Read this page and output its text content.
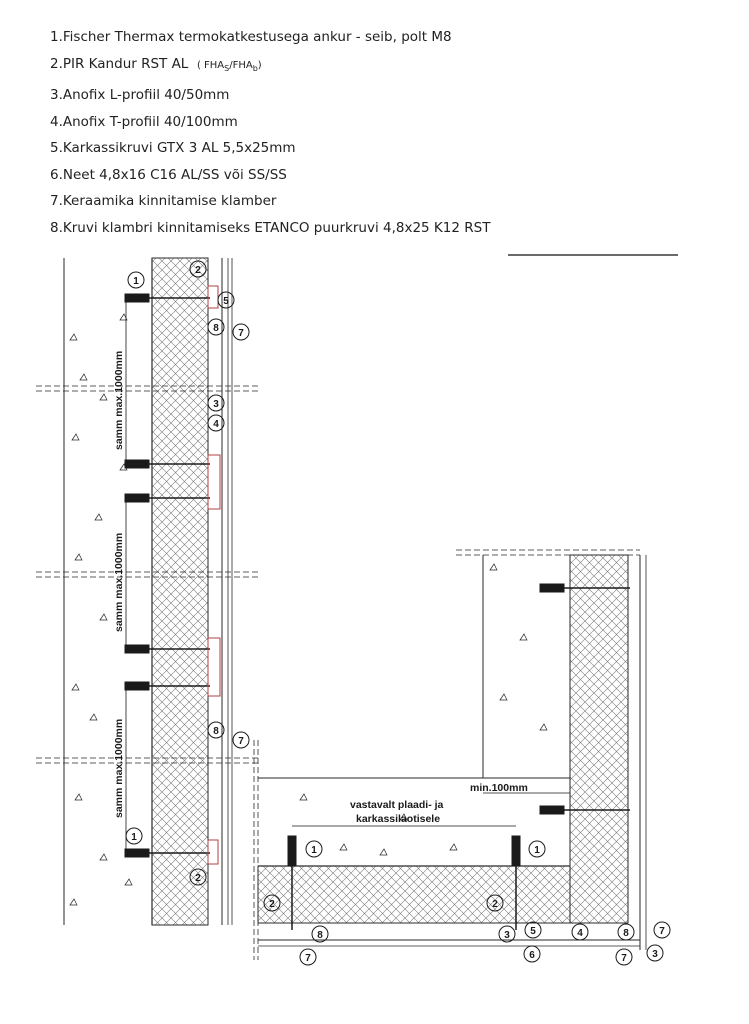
1.Fischer Thermax termokatkestusega ankur - seib, polt M8
2.PIR Kandur RST AL ( $FHA_S/FHA_b$)
3.Anofix L-profiil 40/50mm
4.Anofix T-profiil 40/100mm
5.Karkassikruvi GTX 3 AL 5,5x25mm
6.Neet 4,8x16 C16 AL/SS või SS/SS
7.Keraamika kinnitamise klamber
8.Kruvi klambri kinnitamiseks ETANCO puurkruvi 4,8x25 K12 RST
samm max.1000mm
samm max.1000mm
samm max.1000mm	min.100mm
vastavalt plaadi- ja
karkassilaotisele
1
2
5
8 7
3
4
8
7
1
2
1	1
2	2
8
7
3 5	4
6
8	7
7	3
